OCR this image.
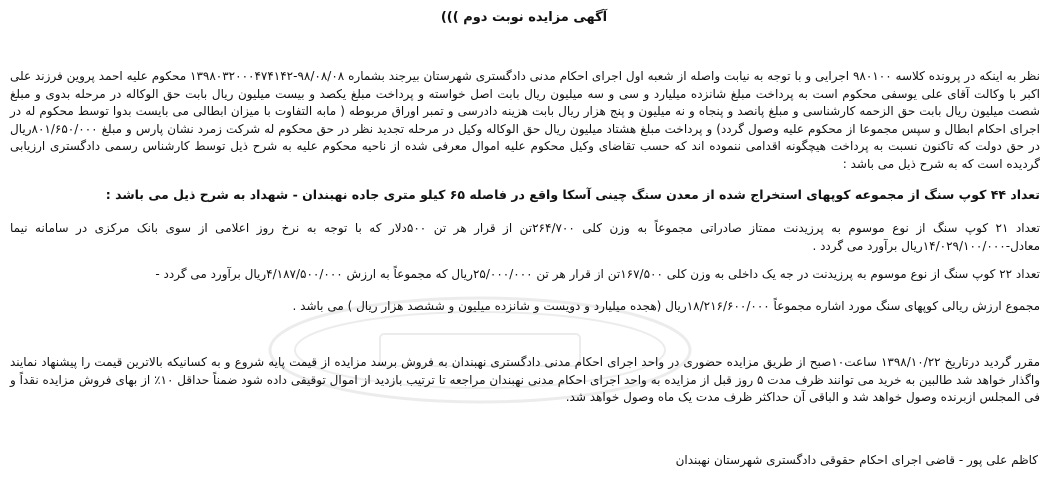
آگهی مزایده نوبت دوم )))
نظر به اینکه در پرونده کلاسه ۹۸۰۱۰۰ اجرایی و با توجه به نیابت واصله از شعبه اول اجرای احکام مدنی دادگستری شهرستان بیرجند بشماره ۹۸/۰۸/۰۸-۱۳۹۸۰۳۲۰۰۰۴۷۴۱۴۲ محکوم علیه احمد پروین فرزند علی اکبر با وکالت آقای علی یوسفی محکوم است به پرداخت مبلغ شانزده میلیارد و سی و سه میلیون ریال بابت اصل خواسته و پرداخت مبلغ یکصد و بیست میلیون ریال بابت حق الوکاله در مرحله بدوی و مبلغ شصت میلیون ریال بابت حق الزحمه کارشناسی و مبلغ پانصد و پنجاه و نه میلیون و پنج هزار ریال بابت هزینه دادرسی و تمبر اوراق مربوطه ( مابه التفاوت با میزان ابطالی می بایست بدوا توسط محکوم له در اجرای احکام ابطال و سپس مجموعا از محکوم علیه وصول گردد) و پرداخت مبلغ هشتاد میلیون ریال حق الوکاله وکیل در مرحله تجدید نظر در حق محکوم له شرکت زمرد نشان پارس و مبلغ ۸۰۱/۶۵۰/۰۰۰ریال در حق دولت که تاکنون نسبت به پرداخت هیچگونه اقدامی ننموده اند که حسب تقاضای وکیل محکوم علیه اموال معرفی شده از ناحیه محکوم علیه به شرح ذیل توسط کارشناس رسمی دادگستری ارزیابی گردیده است که به شرح ذیل می باشد :
تعداد ۴۴ کوپ سنگ از مجموعه کوپهای استخراج شده از معدن سنگ چینی آسکا واقع در فاصله ۶۵ کیلو متری جاده نهبندان - شهداد به شرح ذیل می باشد :
تعداد ۲۱ کوپ سنگ از نوع موسوم به پرزیدنت ممتاز صادراتی مجموعاً به وزن کلی ۲۶۴/۷۰۰تن از قرار هر تن ۵۰۰دلار که با توجه به نرخ روز اعلامی از سوی بانک مرکزی در سامانه نیما معادل-۱۴/۰۲۹/۱۰۰/۰۰۰ریال برآورد می گردد .
تعداد ۲۲ کوپ سنگ از نوع موسوم به پرزیدنت در جه یک داخلی به وزن کلی ۱۶۷/۵۰۰تن از قرار هر تن ۲۵/۰۰۰/۰۰۰ریال که مجموعاً به ارزش ۴/۱۸۷/۵۰۰/۰۰۰ریال برآورد می گردد -
مجموع ارزش ریالی کوپهای سنگ مورد اشاره مجموعاً ۱۸/۲۱۶/۶۰۰/۰۰۰ریال (هجده میلیارد و دویست و شانزده میلیون و ششصد هزار ریال ) می باشد .
مقرر گردید درتاریخ ۱۳۹۸/۱۰/۲۲ ساعت۱۰صبح از طریق مزایده حضوری در واحد اجرای احکام مدنی دادگستری نهبندان به فروش برسد مزایده از قیمت پایه شروع و به کسانیکه بالاترین قیمت را پیشنهاد نمایند واگذار خواهد شد طالبین به خرید می توانند ظرف مدت ۵ روز قبل از مزایده به واحد اجرای احکام مدنی نهبندان مراجعه تا ترتیب بازدید از اموال توقیفی داده شود ضمناً حداقل ۱۰٪ از بهای فروش مزایده نقداً و فی المجلس ازبرنده وصول خواهد شد و الباقی آن حداکثر ظرف مدت یک ماه وصول خواهد شد.
کاظم علی پور - قاضی اجرای احکام حقوقی دادگستری شهرستان نهبندان
